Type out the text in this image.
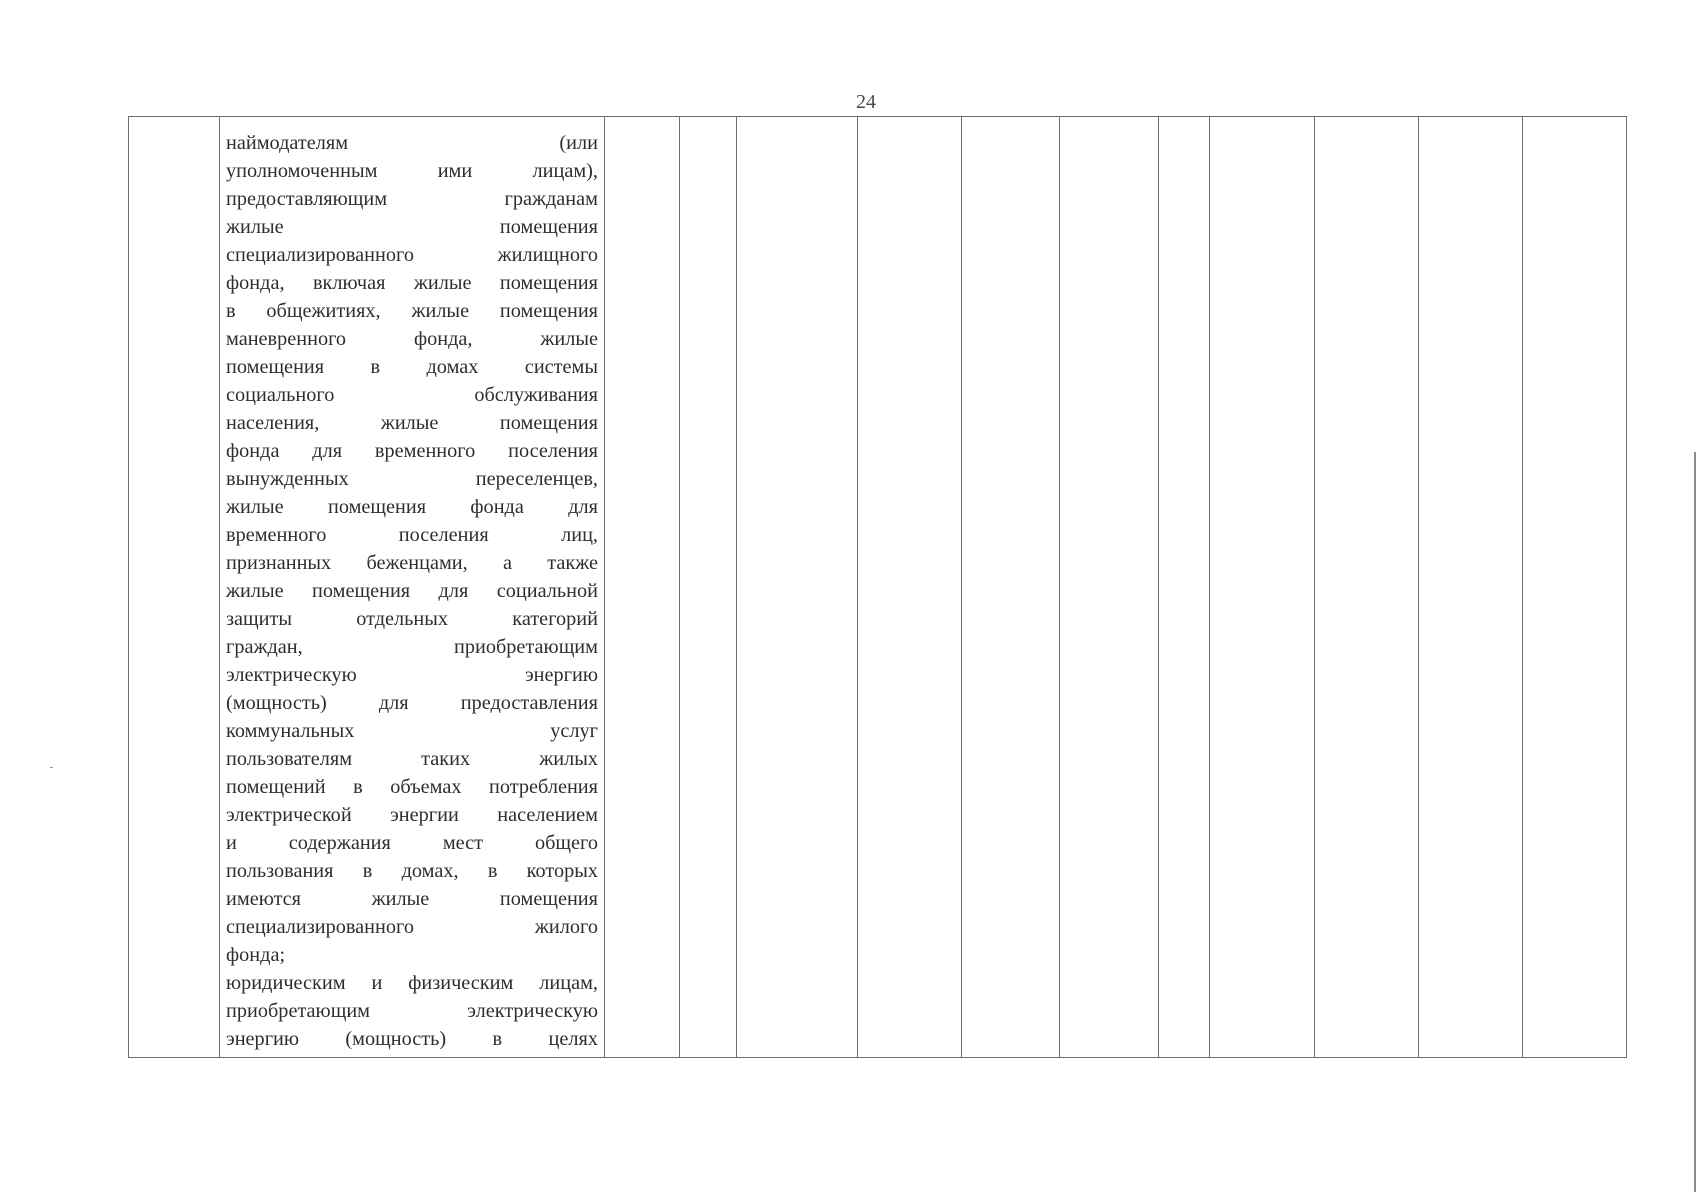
24

наймодателям (или

уполномоченным ими лицам),

предоставляющим гражданам

жилые помещения

специализированного жилищного

фонда, включая жилые помещения

в общежитиях, жилые помещения

маневренного фонда, жилые

помещения в домах системы

социального обслуживания

населения, жилые помещения

фонда для временного поселения

вынужденных переселенцев,

жилые помещения фонда для

временного поселения лиц,

признанных беженцами, а также

жилые помещения для социальной

защиты отдельных категорий

граждан, приобретающим

электрическую энергию

(мощность) для предоставления

коммунальных услуг

пользователям таких жилых

помещений в объемах потребления

электрической энергии населением

и содержания мест общего

пользования в домах, в которых

имеются жилые помещения

специализированного жилого

фонда;

юридическим и физическим лицам,

приобретающим электрическую

энергию (мощность) в целях
